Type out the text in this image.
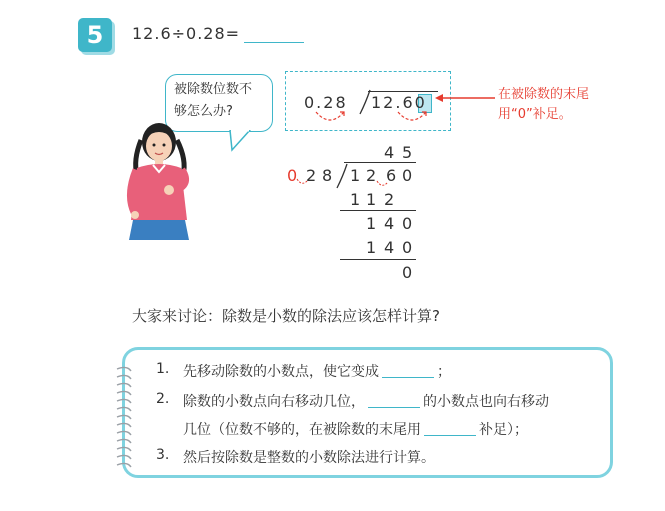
5	12.6÷0.28=
被除数位数不
够怎么办?	0.28 12.60	在被除数的末尾
用“0”补足。
4 5
0 2 8 1 2 6 0
1 1 2
1 4 0
1 4 0
0
大家来讨论：除数是小数的除法应该怎样计算?
1. 先移动除数的小数点，使它变成	；
2. 除数的小数点向右移动几位，	的小数点也向右移动
几位（位数不够的，在被除数的末尾用	补足）；
3. 然后按除数是整数的小数除法进行计算。
